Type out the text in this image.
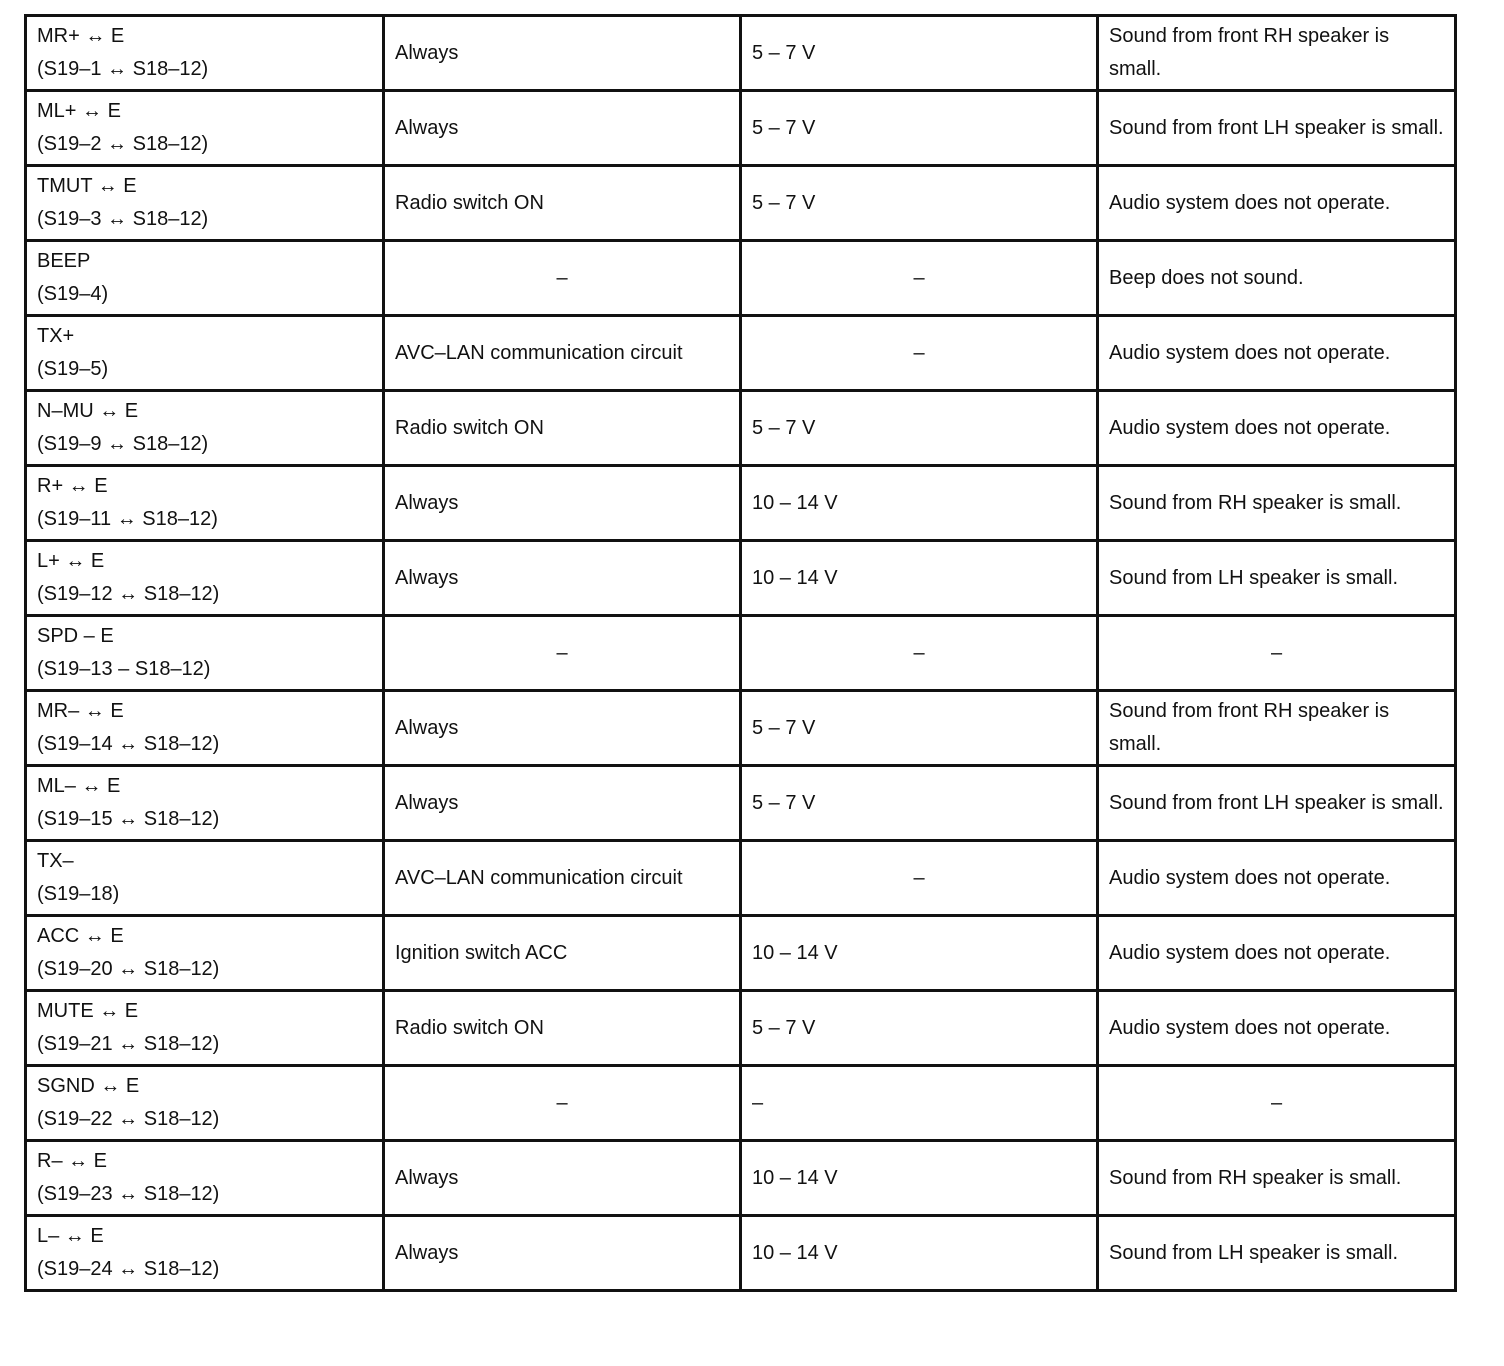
MR+ ↔ E
(S19–1 ↔ S18–12)	Always	5 – 7 V	Sound from front RH speaker is small.

ML+ ↔ E
(S19–2 ↔ S18–12)	Always	5 – 7 V	Sound from front LH speaker is small.

TMUT ↔ E
(S19–3 ↔ S18–12)	Radio switch ON	5 – 7 V	Audio system does not operate.

BEEP
(S19–4)	–	–	Beep does not sound.

TX+
(S19–5)	AVC–LAN communication circuit	–	Audio system does not operate.

N–MU ↔ E
(S19–9 ↔ S18–12)	Radio switch ON	5 – 7 V	Audio system does not operate.

R+ ↔ E
(S19–11 ↔ S18–12)	Always	10 – 14 V	Sound from RH speaker is small.

L+ ↔ E
(S19–12 ↔ S18–12)	Always	10 – 14 V	Sound from LH speaker is small.

SPD – E
(S19–13 – S18–12)	–	–	–

MR– ↔ E
(S19–14 ↔ S18–12)	Always	5 – 7 V	Sound from front RH speaker is small.

ML– ↔ E
(S19–15 ↔ S18–12)	Always	5 – 7 V	Sound from front LH speaker is small.

TX–
(S19–18)	AVC–LAN communication circuit	–	Audio system does not operate.

ACC ↔ E
(S19–20 ↔ S18–12)	Ignition switch ACC	10 – 14 V	Audio system does not operate.

MUTE ↔ E
(S19–21 ↔ S18–12)	Radio switch ON	5 – 7 V	Audio system does not operate.

SGND ↔ E
(S19–22 ↔ S18–12)	–	–	–

R– ↔ E
(S19–23 ↔ S18–12)	Always	10 – 14 V	Sound from RH speaker is small.

L– ↔ E
(S19–24 ↔ S18–12)	Always	10 – 14 V	Sound from LH speaker is small.
